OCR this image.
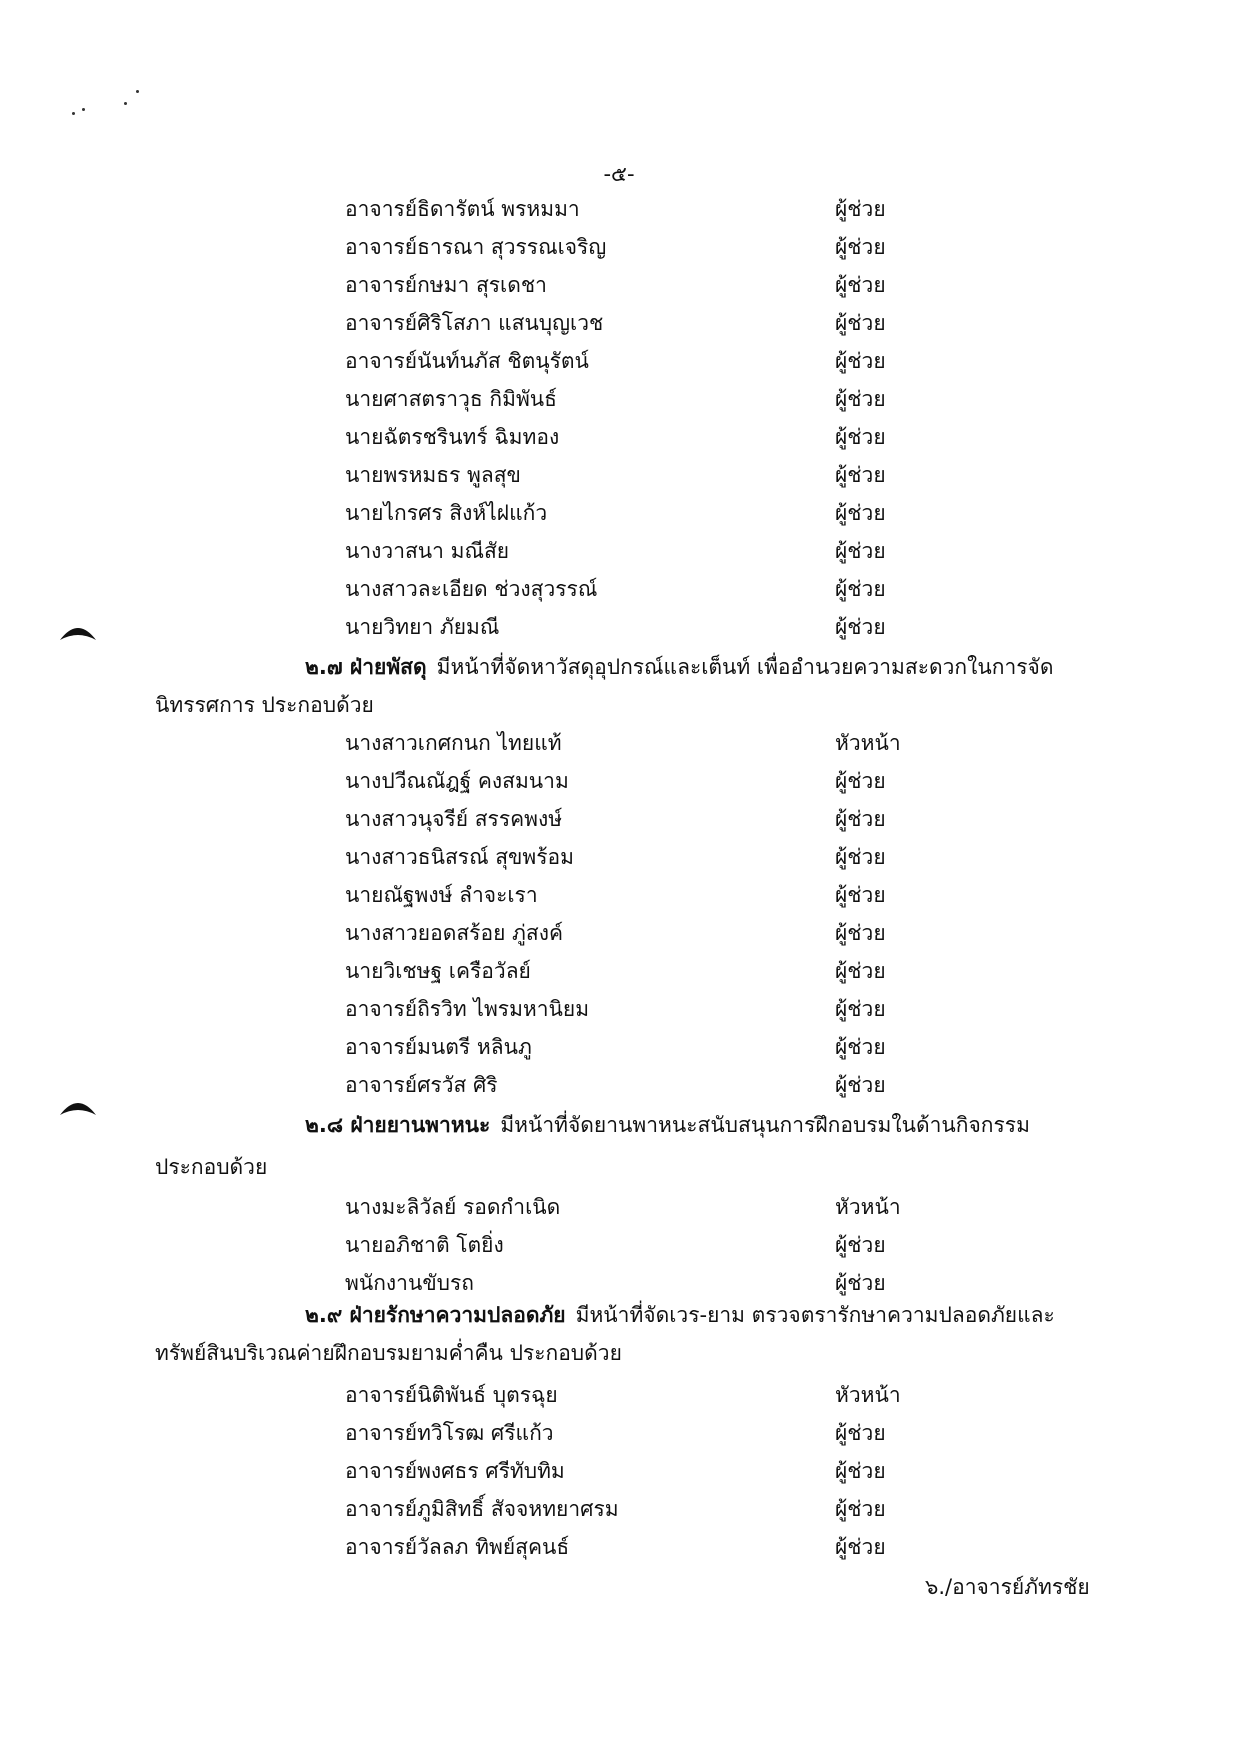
-๕-
อาจารย์ธิดารัตน์ พรหมมา	ผู้ช่วย
อาจารย์ธารณา สุวรรณเจริญ	ผู้ช่วย
อาจารย์กษมา สุรเดชา	ผู้ช่วย
อาจารย์ศิริโสภา แสนบุญเวช	ผู้ช่วย
อาจารย์นันท์นภัส ชิตนุรัตน์	ผู้ช่วย
นายศาสตราวุธ กิมิพันธ์	ผู้ช่วย
นายฉัตรชรินทร์ ฉิมทอง	ผู้ช่วย
นายพรหมธร พูลสุข	ผู้ช่วย
นายไกรศร สิงห์ไฝแก้ว	ผู้ช่วย
นางวาสนา มณีสัย	ผู้ช่วย
นางสาวละเอียด ช่วงสุวรรณ์	ผู้ช่วย
นายวิทยา ภัยมณี	ผู้ช่วย
๒.๗ ฝ่ายพัสดุ มีหน้าที่จัดหาวัสดุอุปกรณ์และเต็นท์ เพื่ออำนวยความสะดวกในการจัด
นิทรรศการ ประกอบด้วย
นางสาวเกศกนก ไทยแท้	หัวหน้า
นางปวีณณัฎฐ์ คงสมนาม	ผู้ช่วย
นางสาวนุจรีย์ สรรคพงษ์	ผู้ช่วย
นางสาวธนิสรณ์ สุขพร้อม	ผู้ช่วย
นายณัฐพงษ์ ลำจะเรา	ผู้ช่วย
นางสาวยอดสร้อย ภู่สงค์	ผู้ช่วย
นายวิเชษฐ เครือวัลย์	ผู้ช่วย
อาจารย์ถิรวิท ไพรมหานิยม	ผู้ช่วย
อาจารย์มนตรี หลินภู	ผู้ช่วย
อาจารย์ศรวัส ศิริ	ผู้ช่วย
๒.๘ ฝ่ายยานพาหนะ มีหน้าที่จัดยานพาหนะสนับสนุนการฝึกอบรมในด้านกิจกรรม
ประกอบด้วย
นางมะลิวัลย์ รอดกำเนิด	หัวหน้า
นายอภิชาติ โตยิ่ง	ผู้ช่วย
พนักงานขับรถ	ผู้ช่วย
๒.๙ ฝ่ายรักษาความปลอดภัย มีหน้าที่จัดเวร-ยาม ตรวจตรารักษาความปลอดภัยและ
ทรัพย์สินบริเวณค่ายฝึกอบรมยามค่ำคืน ประกอบด้วย
อาจารย์นิติพันธ์ บุตรฉุย	หัวหน้า
อาจารย์ทวิโรฒ ศรีแก้ว	ผู้ช่วย
อาจารย์พงศธร ศรีทับทิม	ผู้ช่วย
อาจารย์ภูมิสิทธิ์ สัจจหทยาศรม	ผู้ช่วย
อาจารย์วัลลภ ทิพย์สุคนธ์	ผู้ช่วย
๖./อาจารย์ภัทรชัย
